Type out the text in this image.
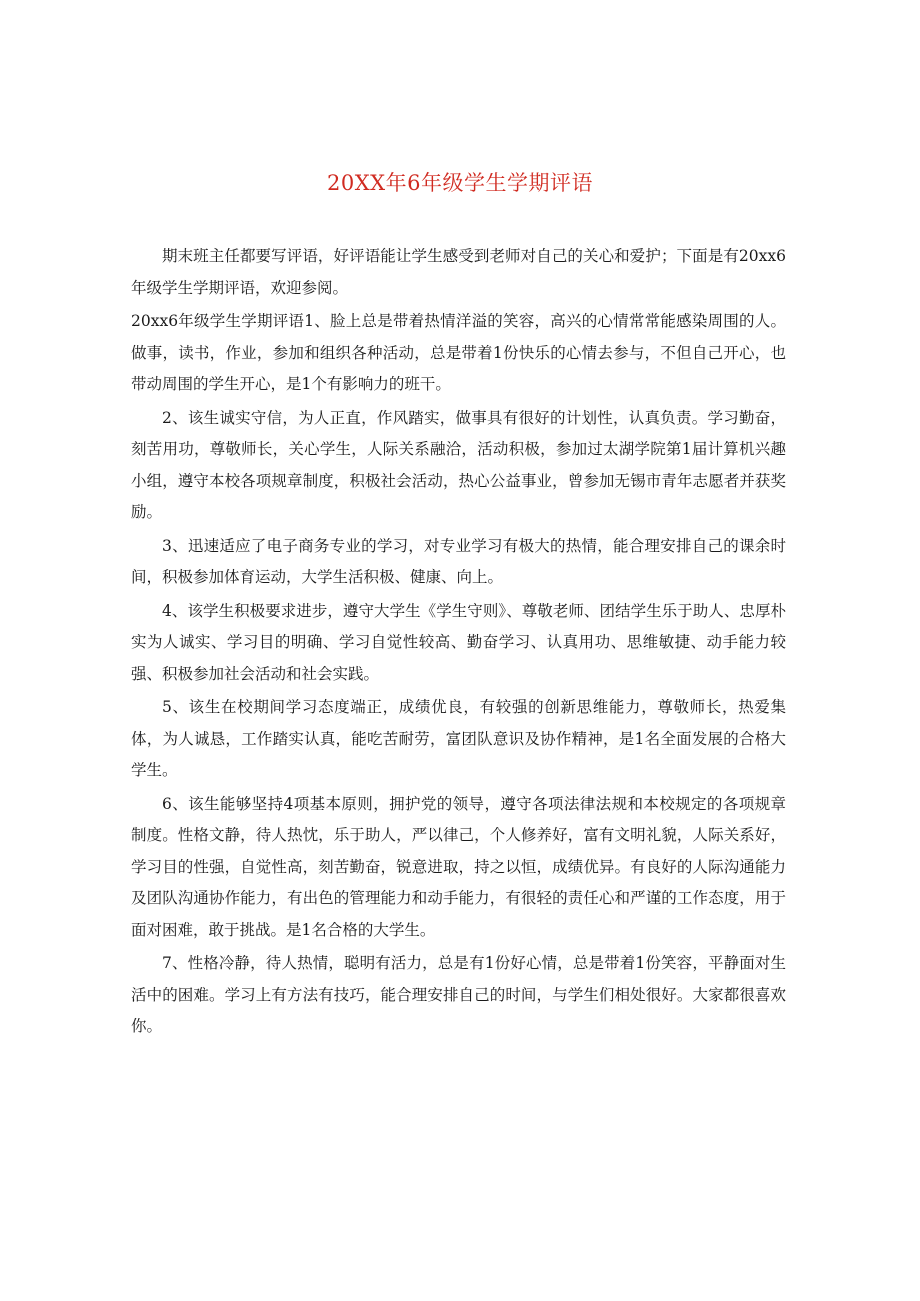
20XX年6年级学生学期评语

期末班主任都要写评语，好评语能让学生感受到老师对自己的关心和爱护；下面是有20xx6年级学生学期评语，欢迎参阅。

20xx6年级学生学期评语1、脸上总是带着热情洋溢的笑容，高兴的心情常常能感染周围的人。做事，读书，作业，参加和组织各种活动，总是带着1份快乐的心情去参与，不但自己开心，也带动周围的学生开心，是1个有影响力的班干。

2、该生诚实守信，为人正直，作风踏实，做事具有很好的计划性，认真负责。学习勤奋，刻苦用功，尊敬师长，关心学生，人际关系融洽，活动积极，参加过太湖学院第1届计算机兴趣小组，遵守本校各项规章制度，积极社会活动，热心公益事业，曾参加无锡市青年志愿者并获奖励。

3、迅速适应了电子商务专业的学习，对专业学习有极大的热情，能合理安排自己的课余时间，积极参加体育运动，大学生活积极、健康、向上。

4、该学生积极要求进步，遵守大学生《学生守则》、尊敬老师、团结学生乐于助人、忠厚朴实为人诚实、学习目的明确、学习自觉性较高、勤奋学习、认真用功、思维敏捷、动手能力较强、积极参加社会活动和社会实践。

5、该生在校期间学习态度端正，成绩优良，有较强的创新思维能力，尊敬师长，热爱集体，为人诚恳，工作踏实认真，能吃苦耐劳，富团队意识及协作精神，是1名全面发展的合格大学生。

6、该生能够坚持4项基本原则，拥护党的领导，遵守各项法律法规和本校规定的各项规章制度。性格文静，待人热忱，乐于助人，严以律己，个人修养好，富有文明礼貌，人际关系好，学习目的性强，自觉性高，刻苦勤奋，锐意进取，持之以恒，成绩优异。有良好的人际沟通能力及团队沟通协作能力，有出色的管理能力和动手能力，有很轻的责任心和严谨的工作态度，用于面对困难，敢于挑战。是1名合格的大学生。

7、性格冷静，待人热情，聪明有活力，总是有1份好心情，总是带着1份笑容，平静面对生活中的困难。学习上有方法有技巧，能合理安排自己的时间，与学生们相处很好。大家都很喜欢你。
